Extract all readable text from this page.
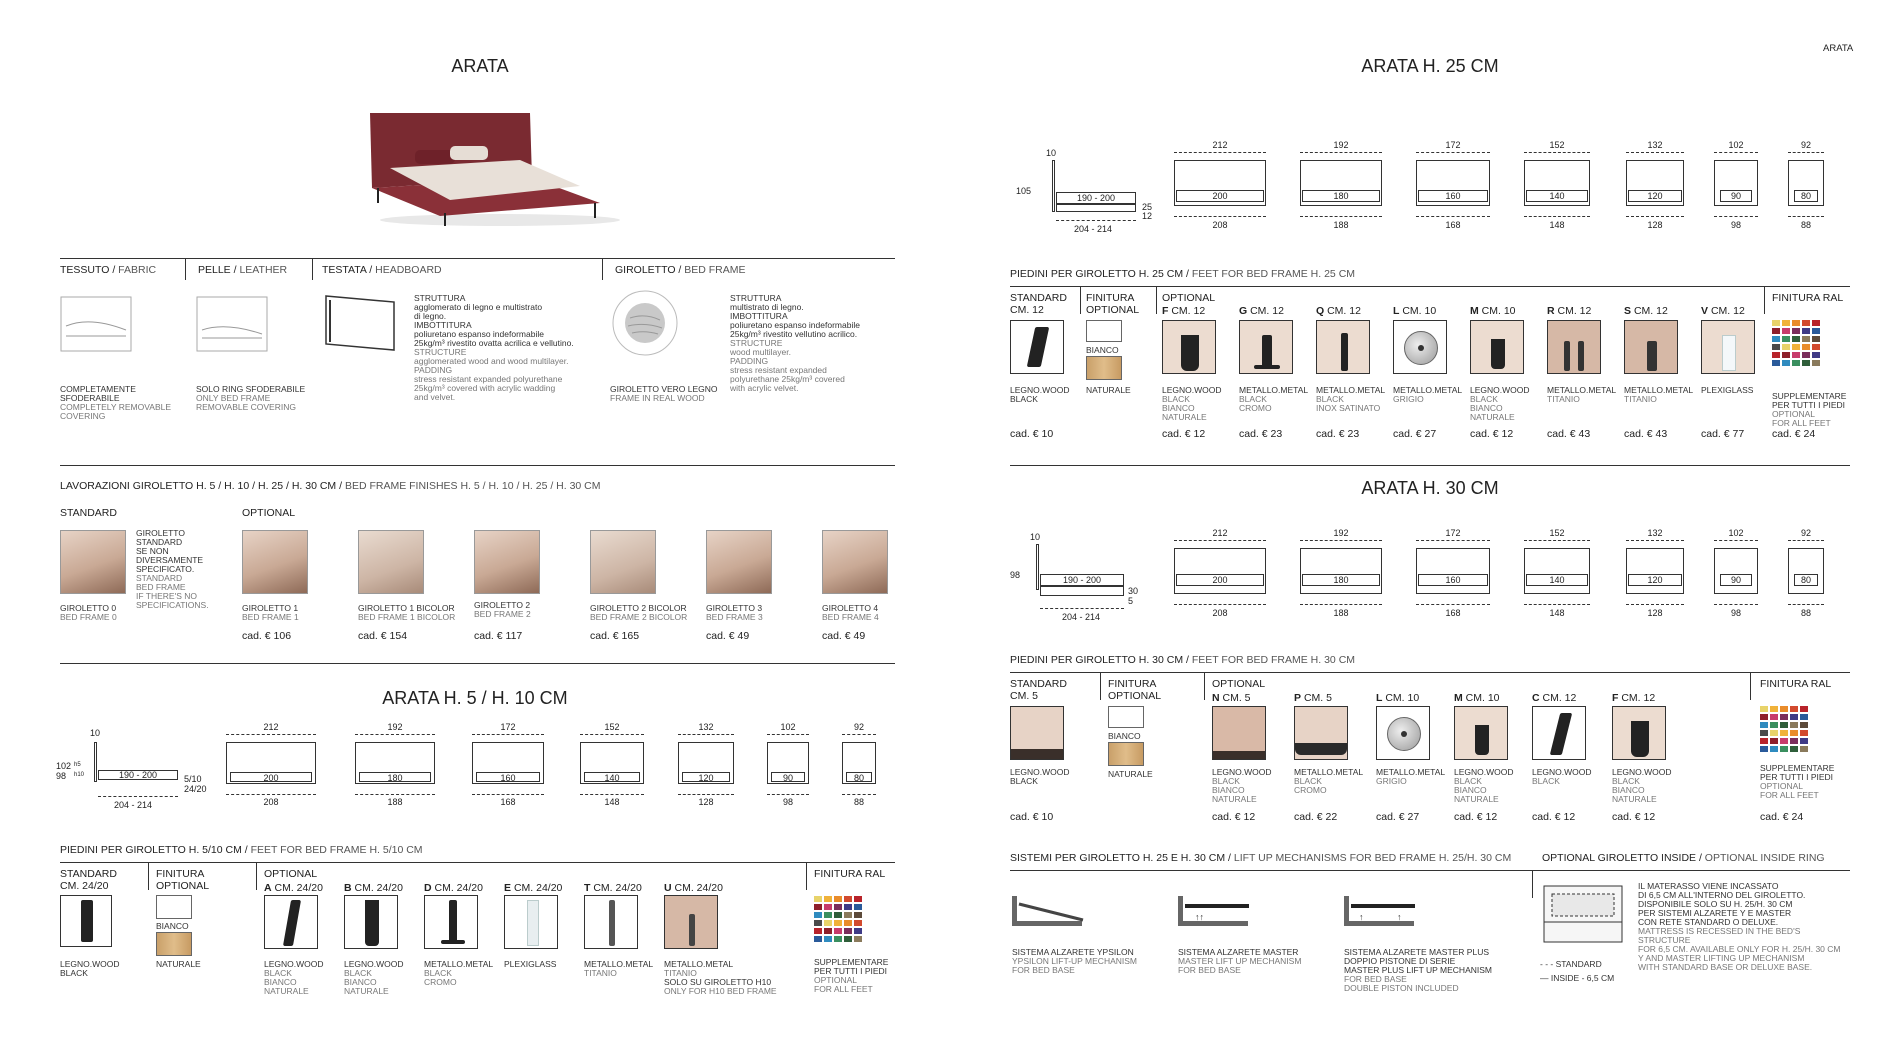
ARATA
ARATA
TESSUTO / FABRIC	PELLE / LEATHER	TESTATA / HEADBOARD	GIROLETTO / BED FRAME
COMPLETAMENTE
SFODERABILE
COMPLETELY REMOVABLE
COVERING
SOLO RING SFODERABILE
ONLY BED FRAME
REMOVABLE COVERING
STRUTTURA
agglomerato di legno e multistrato
di legno.
IMBOTTITURA
poliuretano espanso indeformabile
25kg/m³ rivestito ovatta acrilica e vellutino.
STRUCTURE
agglomerated wood and wood multilayer.
PADDING
stress resistant expanded polyurethane
25kg/m³ covered with acrylic wadding
and velvet.
GIROLETTO VERO LEGNO
FRAME IN REAL WOOD
STRUTTURA
multistrato di legno.
IMBOTTITURA
poliuretano espanso indeformabile
25kg/m³ rivestito vellutino acrilico.
STRUCTURE
wood multilayer.
PADDING
stress resistant expanded
polyurethane 25kg/m³ covered
with acrylic velvet.
LAVORAZIONI GIROLETTO H. 5 / H. 10 / H. 25 / H. 30 CM / BED FRAME FINISHES H. 5 / H. 10 / H. 25 / H. 30 CM
STANDARD	OPTIONAL
GIROLETTO
STANDARD
SE NON
DIVERSAMENTE
SPECIFICATO.
STANDARD
BED FRAME
IF THERE'S NO
SPECIFICATIONS.
GIROLETTO 0
BED FRAME 0
GIROLETTO 1
BED FRAME 1
cad. € 106
GIROLETTO 1 BICOLOR
BED FRAME 1 BICOLOR
cad. € 154
GIROLETTO 2
BED FRAME 2
cad. € 117
GIROLETTO 2 BICOLOR
BED FRAME 2 BICOLOR
cad. € 165
GIROLETTO 3
BED FRAME 3
cad. € 49
GIROLETTO 4
BED FRAME 4
cad. € 49
ARATA H. 5 / H. 10 CM
10
102
98
h5
h10	190 - 200	5/10
24/20
204 - 214
212
200
208
192
180
188
172
160
168
152
140
148
132
120
128
102
90
98
92
80
88
PIEDINI PER GIROLETTO H. 5/10 CM / FEET FOR BED FRAME H. 5/10 CM
STANDARD
CM. 24/20
LEGNO.WOOD
BLACK
FINITURA
OPTIONAL
BIANCO
NATURALE
OPTIONAL
A CM. 24/20
LEGNO.WOOD
BLACK
BIANCO
NATURALE
B CM. 24/20
LEGNO.WOOD
BLACK
BIANCO
NATURALE
D CM. 24/20
METALLO.METAL
BLACK
CROMO
E CM. 24/20
PLEXIGLASS
T CM. 24/20
METALLO.METAL
TITANIO
U CM. 24/20
METALLO.METAL
TITANIO
SOLO SU GIROLETTO H10
ONLY FOR H10 BED FRAME
FINITURA RAL
SUPPLEMENTARE
PER TUTTI I PIEDI
OPTIONAL
FOR ALL FEET
ARATA H. 25 CM
10
105
190 - 200
25
12
204 - 214
212
200
208
192
180
188
172
160
168
152
140
148
132
120
128
102
90
98
92
80
88
PIEDINI PER GIROLETTO H. 25 CM / FEET FOR BED FRAME H. 25 CM
STANDARD
CM. 12
LEGNO.WOOD
BLACK
cad. € 10
FINITURA
OPTIONAL
BIANCO
NATURALE
OPTIONAL
F CM. 12
LEGNO.WOOD
BLACK
BIANCO
NATURALE
cad. € 12
G CM. 12
METALLO.METAL
BLACK
CROMO
cad. € 23
Q CM. 12
METALLO.METAL
BLACK
INOX SATINATO
cad. € 23
L CM. 10
METALLO.METAL
GRIGIO
cad. € 27
M CM. 10
LEGNO.WOOD
BLACK
BIANCO
NATURALE
cad. € 12
R CM. 12
METALLO.METAL
TITANIO
cad. € 43
S CM. 12
METALLO.METAL
TITANIO
cad. € 43
V CM. 12
PLEXIGLASS
cad. € 77
FINITURA RAL
SUPPLEMENTARE
PER TUTTI I PIEDI
OPTIONAL
FOR ALL FEET
cad. € 24
ARATA H. 30 CM
10
98	190 - 200
30
5
204 - 214
212
200
208
192
180
188
172
160
168
152
140
148
132
120
128
102
90
98
92
80
88
PIEDINI PER GIROLETTO H. 30 CM / FEET FOR BED FRAME H. 30 CM
STANDARD
CM. 5
LEGNO.WOOD
BLACK
cad. € 10
FINITURA
OPTIONAL
BIANCO
NATURALE
OPTIONAL
N CM. 5
LEGNO.WOOD
BLACK
BIANCO
NATURALE
cad. € 12
P CM. 5
METALLO.METAL
BLACK
CROMO
cad. € 22
L CM. 10
METALLO.METAL
GRIGIO
cad. € 27
M CM. 10
LEGNO.WOOD
BLACK
BIANCO
NATURALE
cad. € 12
C CM. 12
LEGNO.WOOD
BLACK
cad. € 12
F CM. 12
LEGNO.WOOD
BLACK
BIANCO
NATURALE
cad. € 12
FINITURA RAL
SUPPLEMENTARE
PER TUTTI I PIEDI
OPTIONAL
FOR ALL FEET
cad. € 24
SISTEMI PER GIROLETTO H. 25 E H. 30 CM / LIFT UP MECHANISMS FOR BED FRAME H. 25/H. 30 CM	OPTIONAL GIROLETTO INSIDE / OPTIONAL INSIDE RING
SISTEMA ALZARETE YPSILON
YPSILON LIFT-UP MECHANISM
FOR BED BASE
↑↑
SISTEMA ALZARETE MASTER
MASTER LIFT UP MECHANISM
FOR BED BASE
↑	↑
SISTEMA ALZARETE MASTER PLUS
DOPPIO PISTONE DI SERIE
MASTER PLUS LIFT UP MECHANISM
FOR BED BASE
DOUBLE PISTON INCLUDED
- - - STANDARD
— INSIDE - 6,5 CM
IL MATERASSO VIENE INCASSATO
DI 6,5 CM ALL'INTERNO DEL GIROLETTO.
DISPONIBILE SOLO SU H. 25/H. 30 CM
PER SISTEMI ALZARETE Y E MASTER
CON RETE STANDARD O DELUXE.
MATTRESS IS RECESSED IN THE BED'S STRUCTURE
FOR 6,5 CM. AVAILABLE ONLY FOR H. 25/H. 30 CM
Y AND MASTER LIFTING UP MECHANISM
WITH STANDARD BASE OR DELUXE BASE.
